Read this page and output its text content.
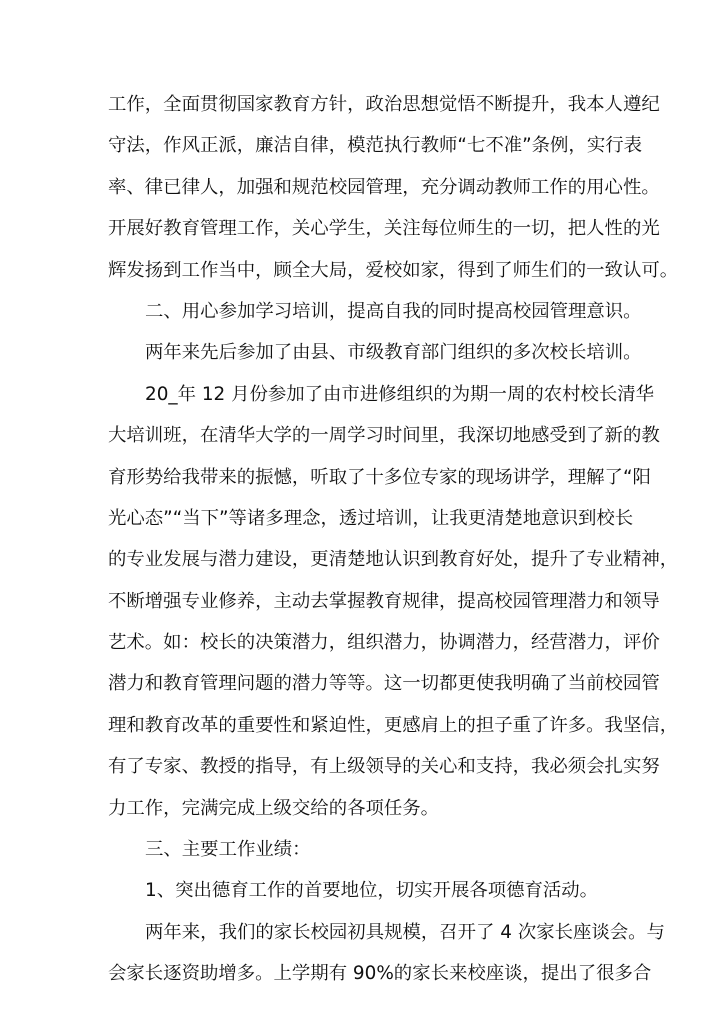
工作，全面贯彻国家教育方针，政治思想觉悟不断提升，我本人遵纪
守法，作风正派，廉洁自律，模范执行教师“七不准”条例，实行表
率、律已律人，加强和规范校园管理，充分调动教师工作的用心性。
开展好教育管理工作，关心学生，关注每位师生的一切，把人性的光
辉发扬到工作当中，顾全大局，爱校如家，得到了师生们的一致认可。
二、用心参加学习培训，提高自我的同时提高校园管理意识。
两年来先后参加了由县、市级教育部门组织的多次校长培训。
20_年 12 月份参加了由市进修组织的为期一周的农村校长清华
大培训班，在清华大学的一周学习时间里，我深切地感受到了新的教
育形势给我带来的振憾，听取了十多位专家的现场讲学，理解了“阳
光心态”“当下”等诸多理念，透过培训，让我更清楚地意识到校长
的专业发展与潜力建设，更清楚地认识到教育好处，提升了专业精神，
不断增强专业修养，主动去掌握教育规律，提高校园管理潜力和领导
艺术。如：校长的决策潜力，组织潜力，协调潜力，经营潜力，评价
潜力和教育管理问题的潜力等等。这一切都更使我明确了当前校园管
理和教育改革的重要性和紧迫性，更感肩上的担子重了许多。我坚信，
有了专家、教授的指导，有上级领导的关心和支持，我必须会扎实努
力工作，完满完成上级交给的各项任务。
三、主要工作业绩：
1、突出德育工作的首要地位，切实开展各项德育活动。
两年来，我们的家长校园初具规模，召开了 4 次家长座谈会。与
会家长逐资助增多。上学期有 90%的家长来校座谈，提出了很多合
